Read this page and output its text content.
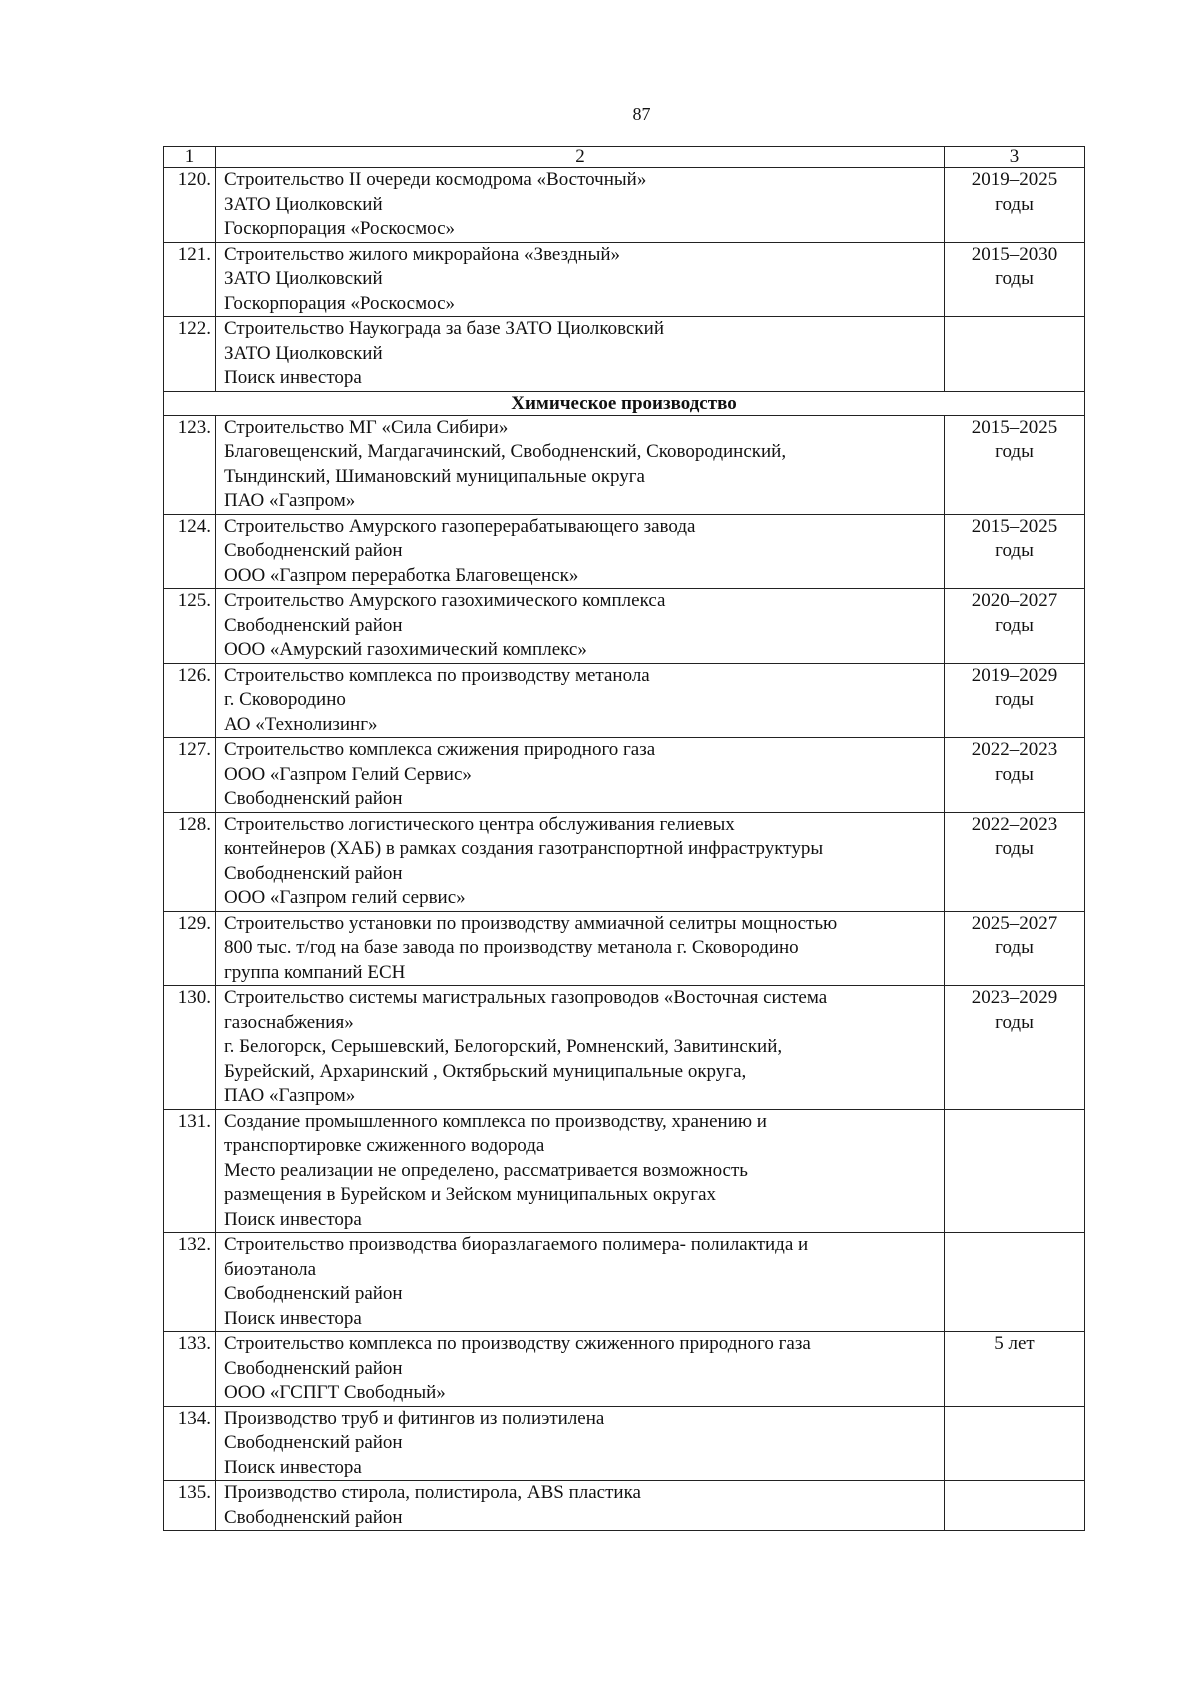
87
1	2	3
120.	Строительство II очереди космодрома «Восточный»
ЗАТО Циолковский
Госкорпорация «Роскосмос»	2019–2025
годы

121.	Строительство жилого микрорайона «Звездный»
ЗАТО Циолковский
Госкорпорация «Роскосмос»	2015–2030
годы

122.	Строительство Наукограда за базе ЗАТО Циолковский
ЗАТО Циолковский
Поиск инвестора	

Химическое производство		
123.	Строительство МГ «Сила Сибири»
Благовещенский, Магдагачинский, Свободненский, Сковородинский,
Тындинский, Шимановский муниципальные округа
ПАО «Газпром»	2015–2025
годы

124.	Строительство Амурского газоперерабатывающего завода
Свободненский район
ООО «Газпром переработка Благовещенск»	2015–2025
годы

125.	Строительство Амурского газохимического комплекса
Свободненский район
ООО «Амурский газохимический комплекс»	2020–2027
годы

126.	Строительство комплекса по производству метанола
г. Сковородино
АО «Технолизинг»	2019–2029
годы

127.	Строительство комплекса сжижения природного газа
ООО «Газпром Гелий Сервис»
Свободненский район	2022–2023
годы

128.	Строительство логистического центра обслуживания гелиевых
контейнеров (ХАБ) в рамках создания газотранспортной инфраструктуры
Свободненский район
ООО «Газпром гелий сервис»	2022–2023
годы

129.	Строительство установки по производству аммиачной селитры мощностью
800 тыс. т/год на базе завода по производству метанола г. Сковородино
группа компаний ЕСН	2025–2027
годы

130.	Строительство системы магистральных газопроводов «Восточная система
газоснабжения»
г. Белогорск, Серышевский, Белогорский, Ромненский, Завитинский,
Бурейский, Архаринский , Октябрьский муниципальные округа,
ПАО «Газпром»	2023–2029
годы

131.	Создание промышленного комплекса по производству, хранению и
транспортировке сжиженного водорода
Место реализации не определено, рассматривается возможность
размещения в Бурейском и Зейском муниципальных округах
Поиск инвестора	

132.	Строительство производства биоразлагаемого полимера- полилактида и
биоэтанола
Свободненский район
Поиск инвестора	

133.	Строительство комплекса по производству сжиженного природного газа
Свободненский район
ООО «ГСПГТ Свободный»	5 лет

134.	Производство труб и фитингов из полиэтилена
Свободненский район
Поиск инвестора	

135.	Производство стирола, полистирола, ABS пластика
Свободненский район	
